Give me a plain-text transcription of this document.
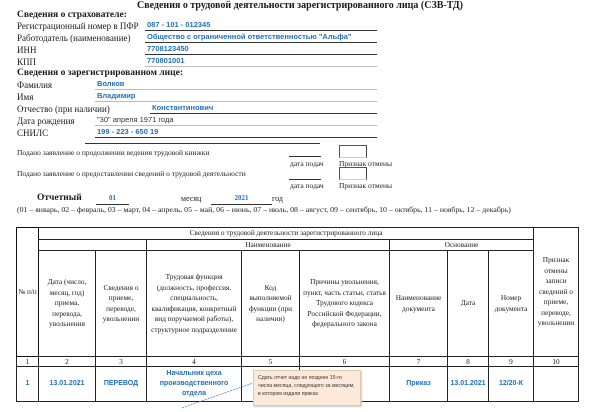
Сведения о трудовой деятельности зарегистрированного лица (СЗВ-ТД)
Сведения о страхователе:
Регистрационный номер в ПФР 087 - 101 - 012345
Работодатель (наименование) Общество с ограниченной ответственностью "Альфа"
ИНН	7708123450
КПП	770801001
Сведения о зарегистрированном лице:
Фамилия	Волков
Имя	Владимир
Отчество (при наличии)	Константинович
Дата рождения	"30" апреля 1971 года
СНИЛС	199 - 223 - 650 19
Подано заявление о продолжении ведения трудовой книжки
дата подач Признак отмены
Подано заявление о предоставлении сведений о трудовой деятельности
дата подач Признак отмены
Отчетный	01	месяц	2021	год
(01 – январь, 02 – февраль, 03 – март, 04 – апрель, 05 – май, 06 – июнь, 07 – июль, 08 – август, 09 – сентябрь, 10 – октябрь, 11 – ноябрь, 12 – декабрь)
№ п/п	Сведения о трудовой деятельности зарегистрированного лица								Признак отмены записи сведений о приеме, переводе, увольнении
			Наименование			Основание			
	Дата (число, месяц, год) приема, перевода, увольнения	Сведения о приеме, переводе, увольнении	Трудовая функция (должность, профессия, специальность, квалификация, конкретный вид поручаемой работы), структурное подразделение	Код выполняемой функции (при наличии)	Причины увольнения, пункт, часть статьи, статья Трудового кодекса Российской Федерации, федерального закона	Наименование документа	Дата	Номер документа	
1	2	3	4	5	6	7	8	9	10
1	13.01.2021	ПЕРЕВОД	Начальник цеха производственного отдела			Приказ	13.01.2021	12/20-К	
Сдать отчет надо не позднее 15-го числа месяца, следующего за месяцем, в котором издали приказ
